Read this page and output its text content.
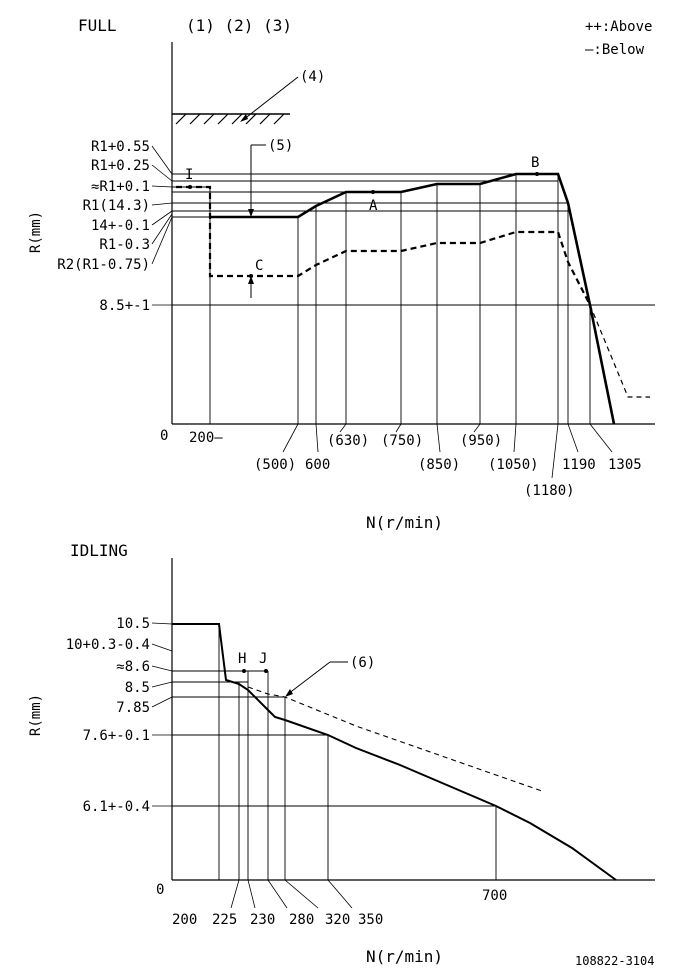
FULL	(1) (2) (3)	++:Above
—:Below
(4)
R1+0.55
R1+0.25
≈R1+0.1
R1(14.3)
14+-0.1
R1-0.3
R2(R1-0.75)
8.5+-1
R(mm)
0
I
A
B
C
(5)
200—
(500) 600
(630) (750)
(850)
(950)
(1050) 1190
(1180)
1305
N(r/min)
IDLING
10.5
10+0.3-0.4
≈8.6
8.5
7.85
7.6+-0.1
6.1+-0.4
R(mm)
0
H J	(6)
200 225 230 280 320 350
700
N(r/min)	108822-3104
